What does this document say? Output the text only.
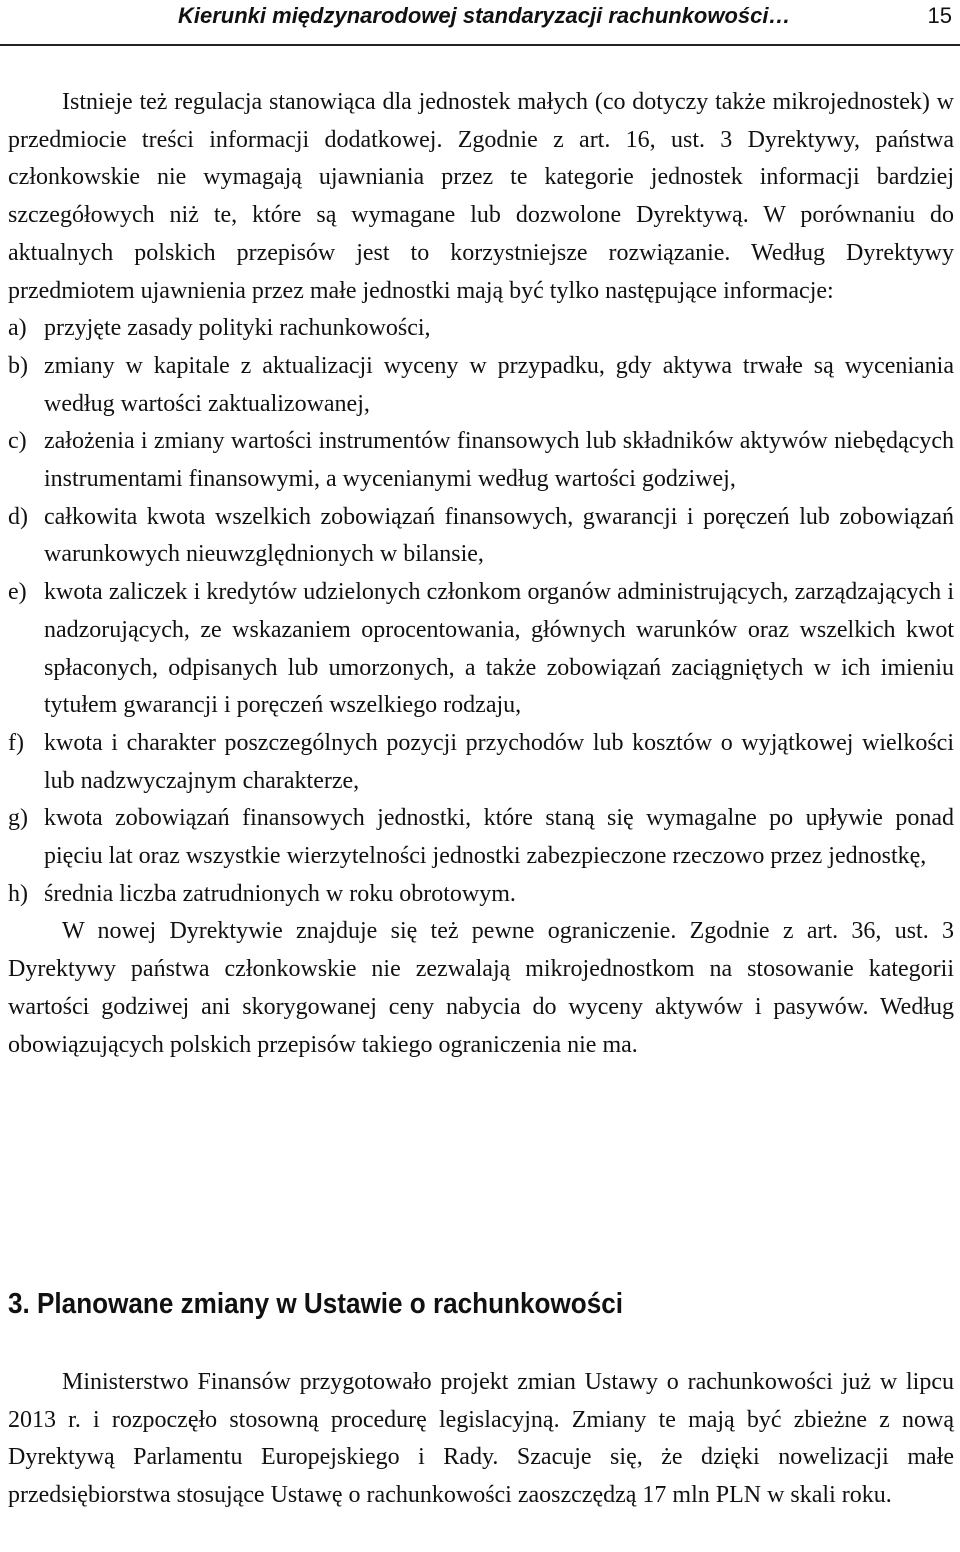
Kierunki międzynarodowej standaryzacji rachunkowości…	15

Istnieje też regulacja stanowiąca dla jednostek małych (co dotyczy także mikrojednostek) w przedmiocie treści informacji dodatkowej. Zgodnie z art. 16, ust. 3 Dyrektywy, państwa członkowskie nie wymagają ujawniania przez te kategorie jednostek informacji bardziej szczegółowych niż te, które są wymagane lub dozwolone Dyrektywą. W porównaniu do aktualnych polskich przepisów jest to korzystniejsze rozwiązanie. Według Dyrektywy przedmiotem ujawnienia przez małe jednostki mają być tylko następujące informacje:

a) przyjęte zasady polityki rachunkowości,
b) zmiany w kapitale z aktualizacji wyceny w przypadku, gdy aktywa trwałe są wyceniania według wartości zaktualizowanej,
c) założenia i zmiany wartości instrumentów finansowych lub składników aktywów niebędących instrumentami finansowymi, a wycenianymi według wartości godziwej,
d) całkowita kwota wszelkich zobowiązań finansowych, gwarancji i poręczeń lub zobowiązań warunkowych nieuwzględnionych w bilansie,
e) kwota zaliczek i kredytów udzielonych członkom organów administrujących, zarządzających i nadzorujących, ze wskazaniem oprocentowania, głównych warunków oraz wszelkich kwot spłaconych, odpisanych lub umorzonych, a także zobowiązań zaciągniętych w ich imieniu tytułem gwarancji i poręczeń wszelkiego rodzaju,
f) kwota i charakter poszczególnych pozycji przychodów lub kosztów o wyjątkowej wielkości lub nadzwyczajnym charakterze,
g) kwota zobowiązań finansowych jednostki, które staną się wymagalne po upływie ponad pięciu lat oraz wszystkie wierzytelności jednostki zabezpieczone rzeczowo przez jednostkę,
h) średnia liczba zatrudnionych w roku obrotowym.

W nowej Dyrektywie znajduje się też pewne ograniczenie. Zgodnie z art. 36, ust. 3 Dyrektywy państwa członkowskie nie zezwalają mikrojednostkom na stosowanie kategorii wartości godziwej ani skorygowanej ceny nabycia do wyceny aktywów i pasywów. Według obowiązujących polskich przepisów takiego ograniczenia nie ma.

3. Planowane zmiany w Ustawie o rachunkowości

Ministerstwo Finansów przygotowało projekt zmian Ustawy o rachunkowości już w lipcu 2013 r. i rozpoczęło stosowną procedurę legislacyjną. Zmiany te mają być zbieżne z nową Dyrektywą Parlamentu Europejskiego i Rady. Szacuje się, że dzięki nowelizacji małe przedsiębiorstwa stosujące Ustawę o rachunkowości zaoszczędzą 17 mln PLN w skali roku.
